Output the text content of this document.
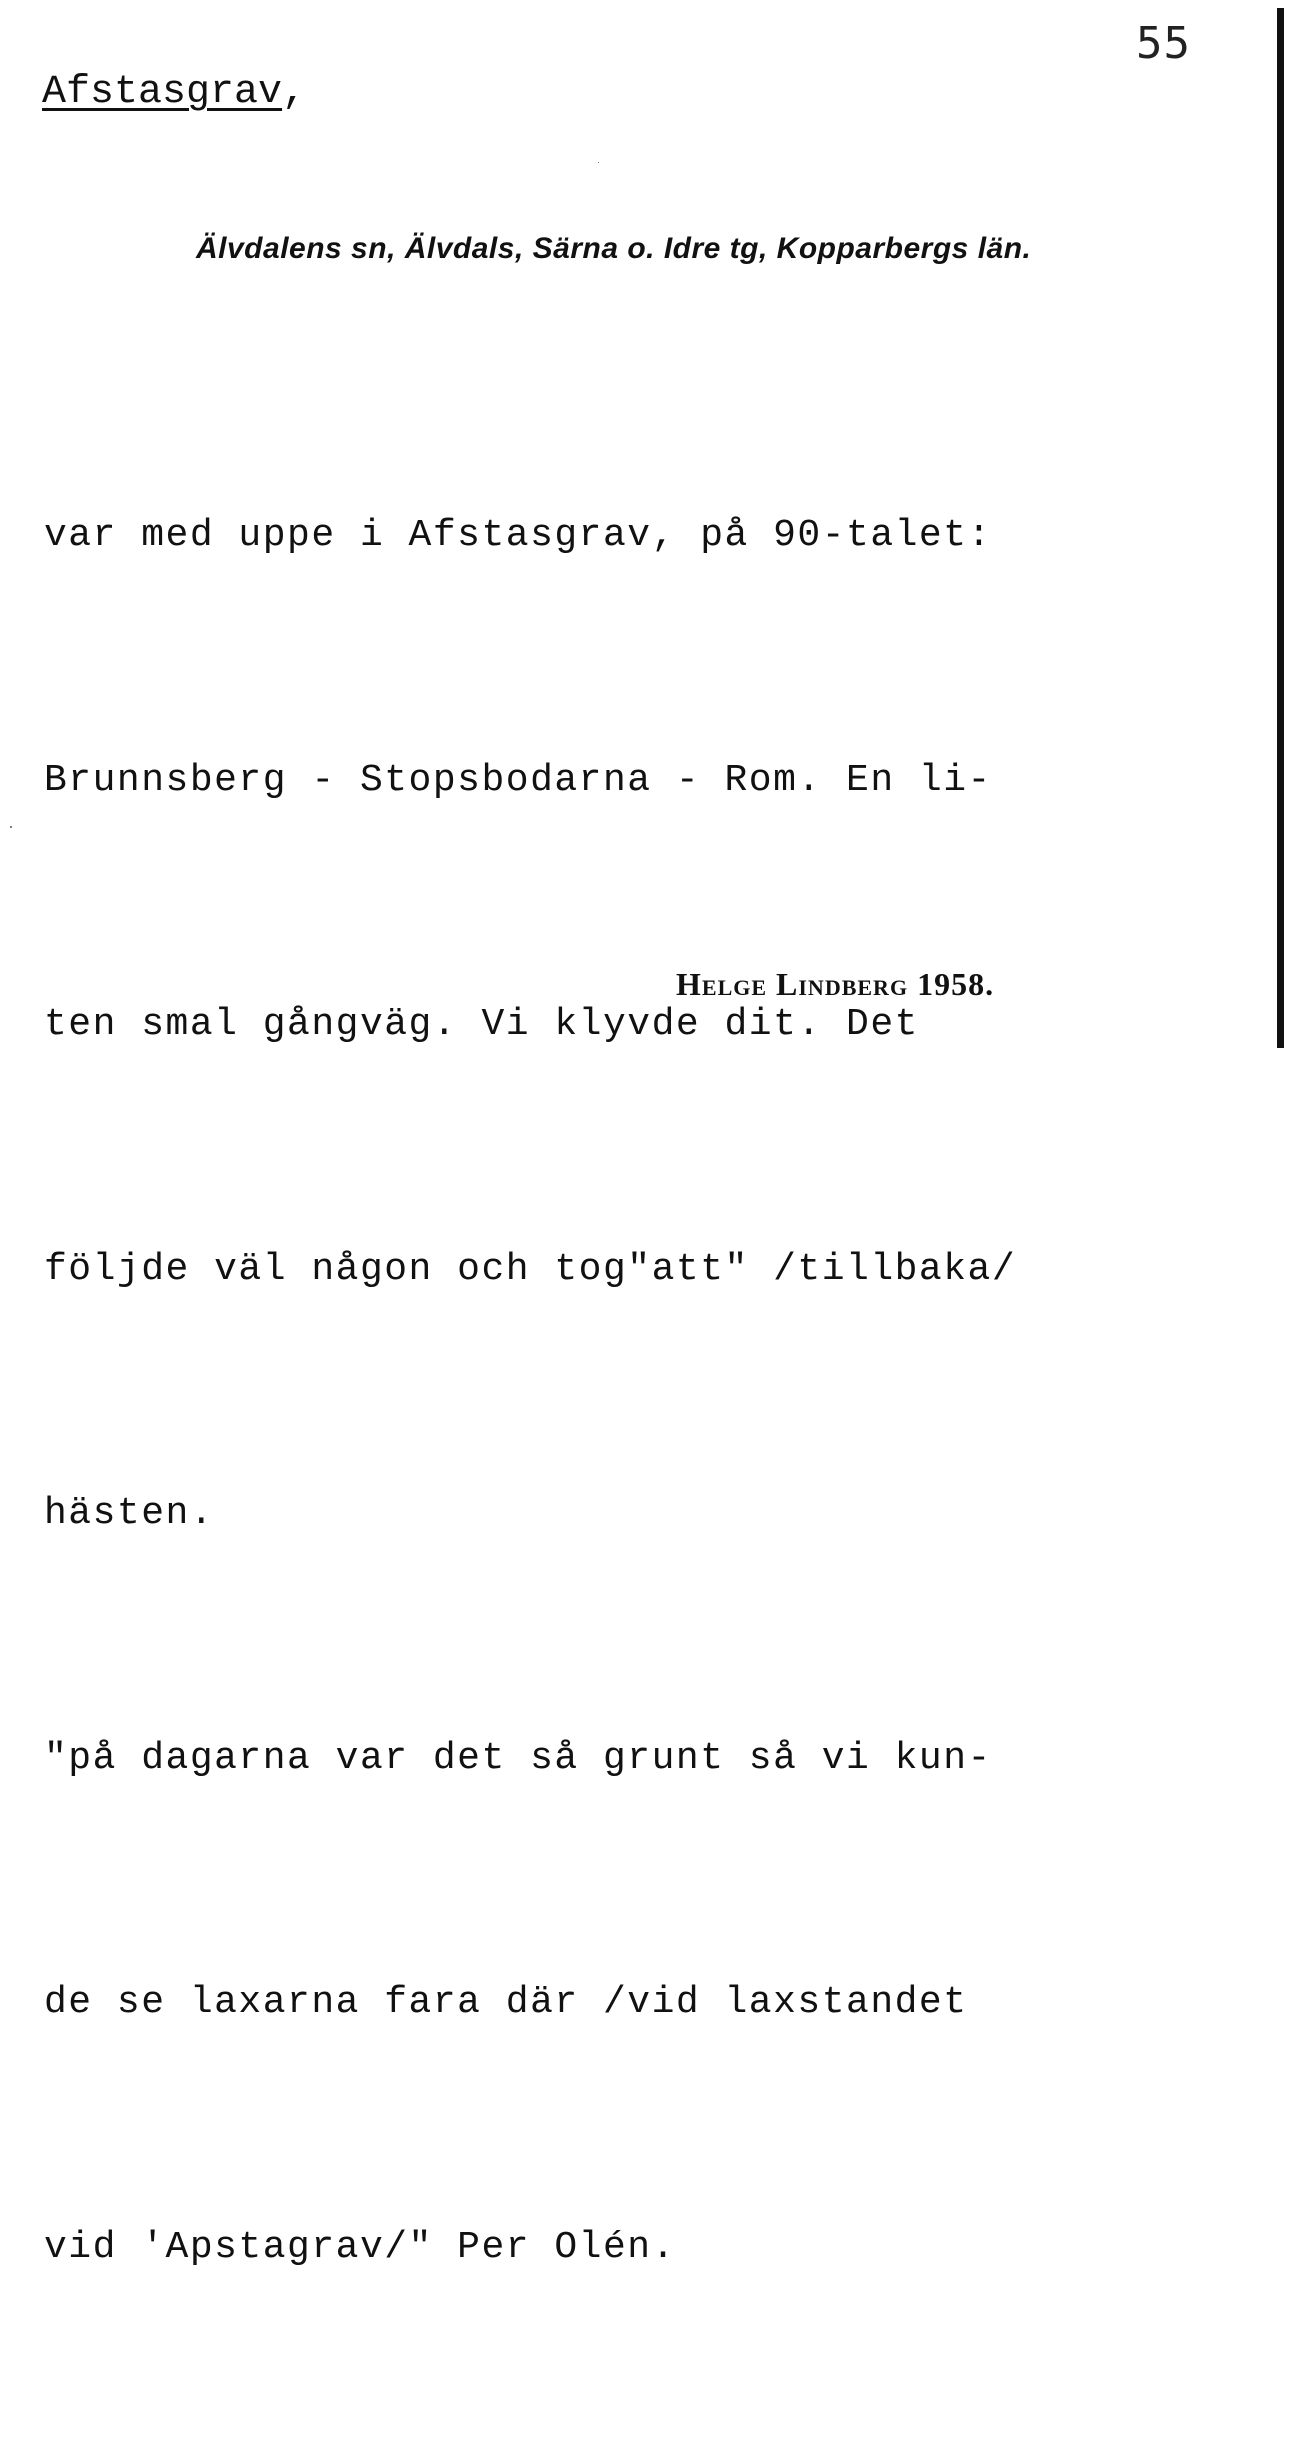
55
Afstasgrav,
Älvdalens sn, Älvdals, Särna o. Idre tg, Kopparbergs län.

var med uppe i Afstasgrav, på 90-talet:

Brunnsberg - Stopsbodarna - Rom. En li-

ten smal gångväg. Vi klyvde dit. Det

följde väl någon och tog"att" /tillbaka/

hästen.

"på dagarna var det så grunt så vi kun-

de se laxarna fara där /vid laxstandet

vid 'Apstagrav/" Per Olén.

Helge Lindberg 1958.
